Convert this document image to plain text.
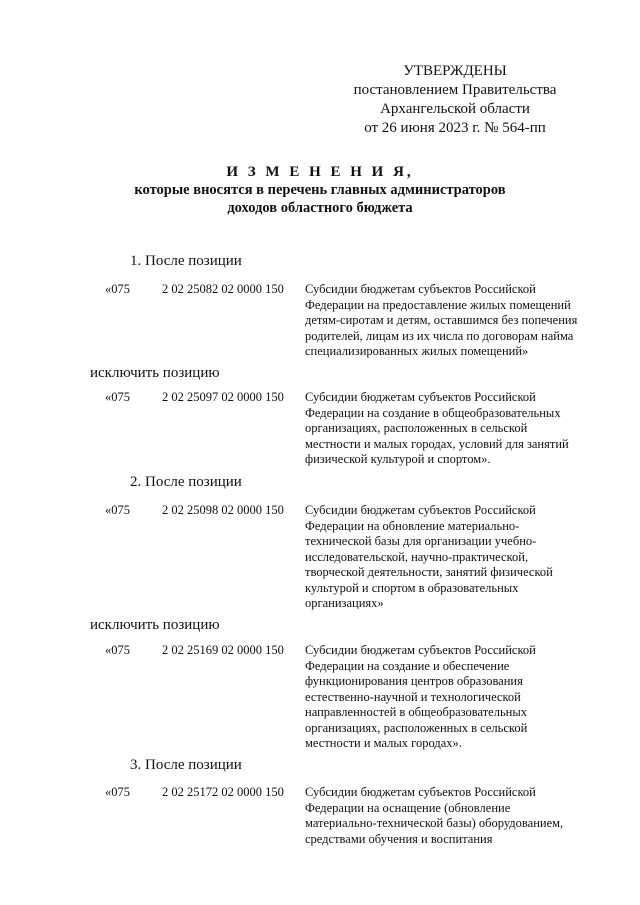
УТВЕРЖДЕНЫ
постановлением Правительства
Архангельской области
от 26 июня 2023 г. № 564-пп
И З М Е Н Е Н И Я,
которые вносятся в перечень главных администраторов
доходов областного бюджета
1. После позиции
«075	2 02 25082 02 0000 150 Субсидии бюджетам субъектов Российской
Федерации на предоставление жилых помещений
детям-сиротам и детям, оставшимся без попечения
родителей, лицам из их числа по договорам найма
специализированных жилых помещений»
исключить позицию
«075	2 02 25097 02 0000 150 Субсидии бюджетам субъектов Российской
Федерации на создание в общеобразовательных
организациях, расположенных в сельской
местности и малых городах, условий для занятий
физической культурой и спортом».
2. После позиции
«075	2 02 25098 02 0000 150 Субсидии бюджетам субъектов Российской
Федерации на обновление материально-
технической базы для организации учебно-
исследовательской, научно-практической,
творческой деятельности, занятий физической
культурой и спортом в образовательных
организациях»
исключить позицию
«075	2 02 25169 02 0000 150 Субсидии бюджетам субъектов Российской
Федерации на создание и обеспечение
функционирования центров образования
естественно-научной и технологической
направленностей в общеобразовательных
организациях, расположенных в сельской
местности и малых городах».
3. После позиции
«075	2 02 25172 02 0000 150 Субсидии бюджетам субъектов Российской
Федерации на оснащение (обновление
материально-технической базы) оборудованием,
средствами обучения и воспитания
